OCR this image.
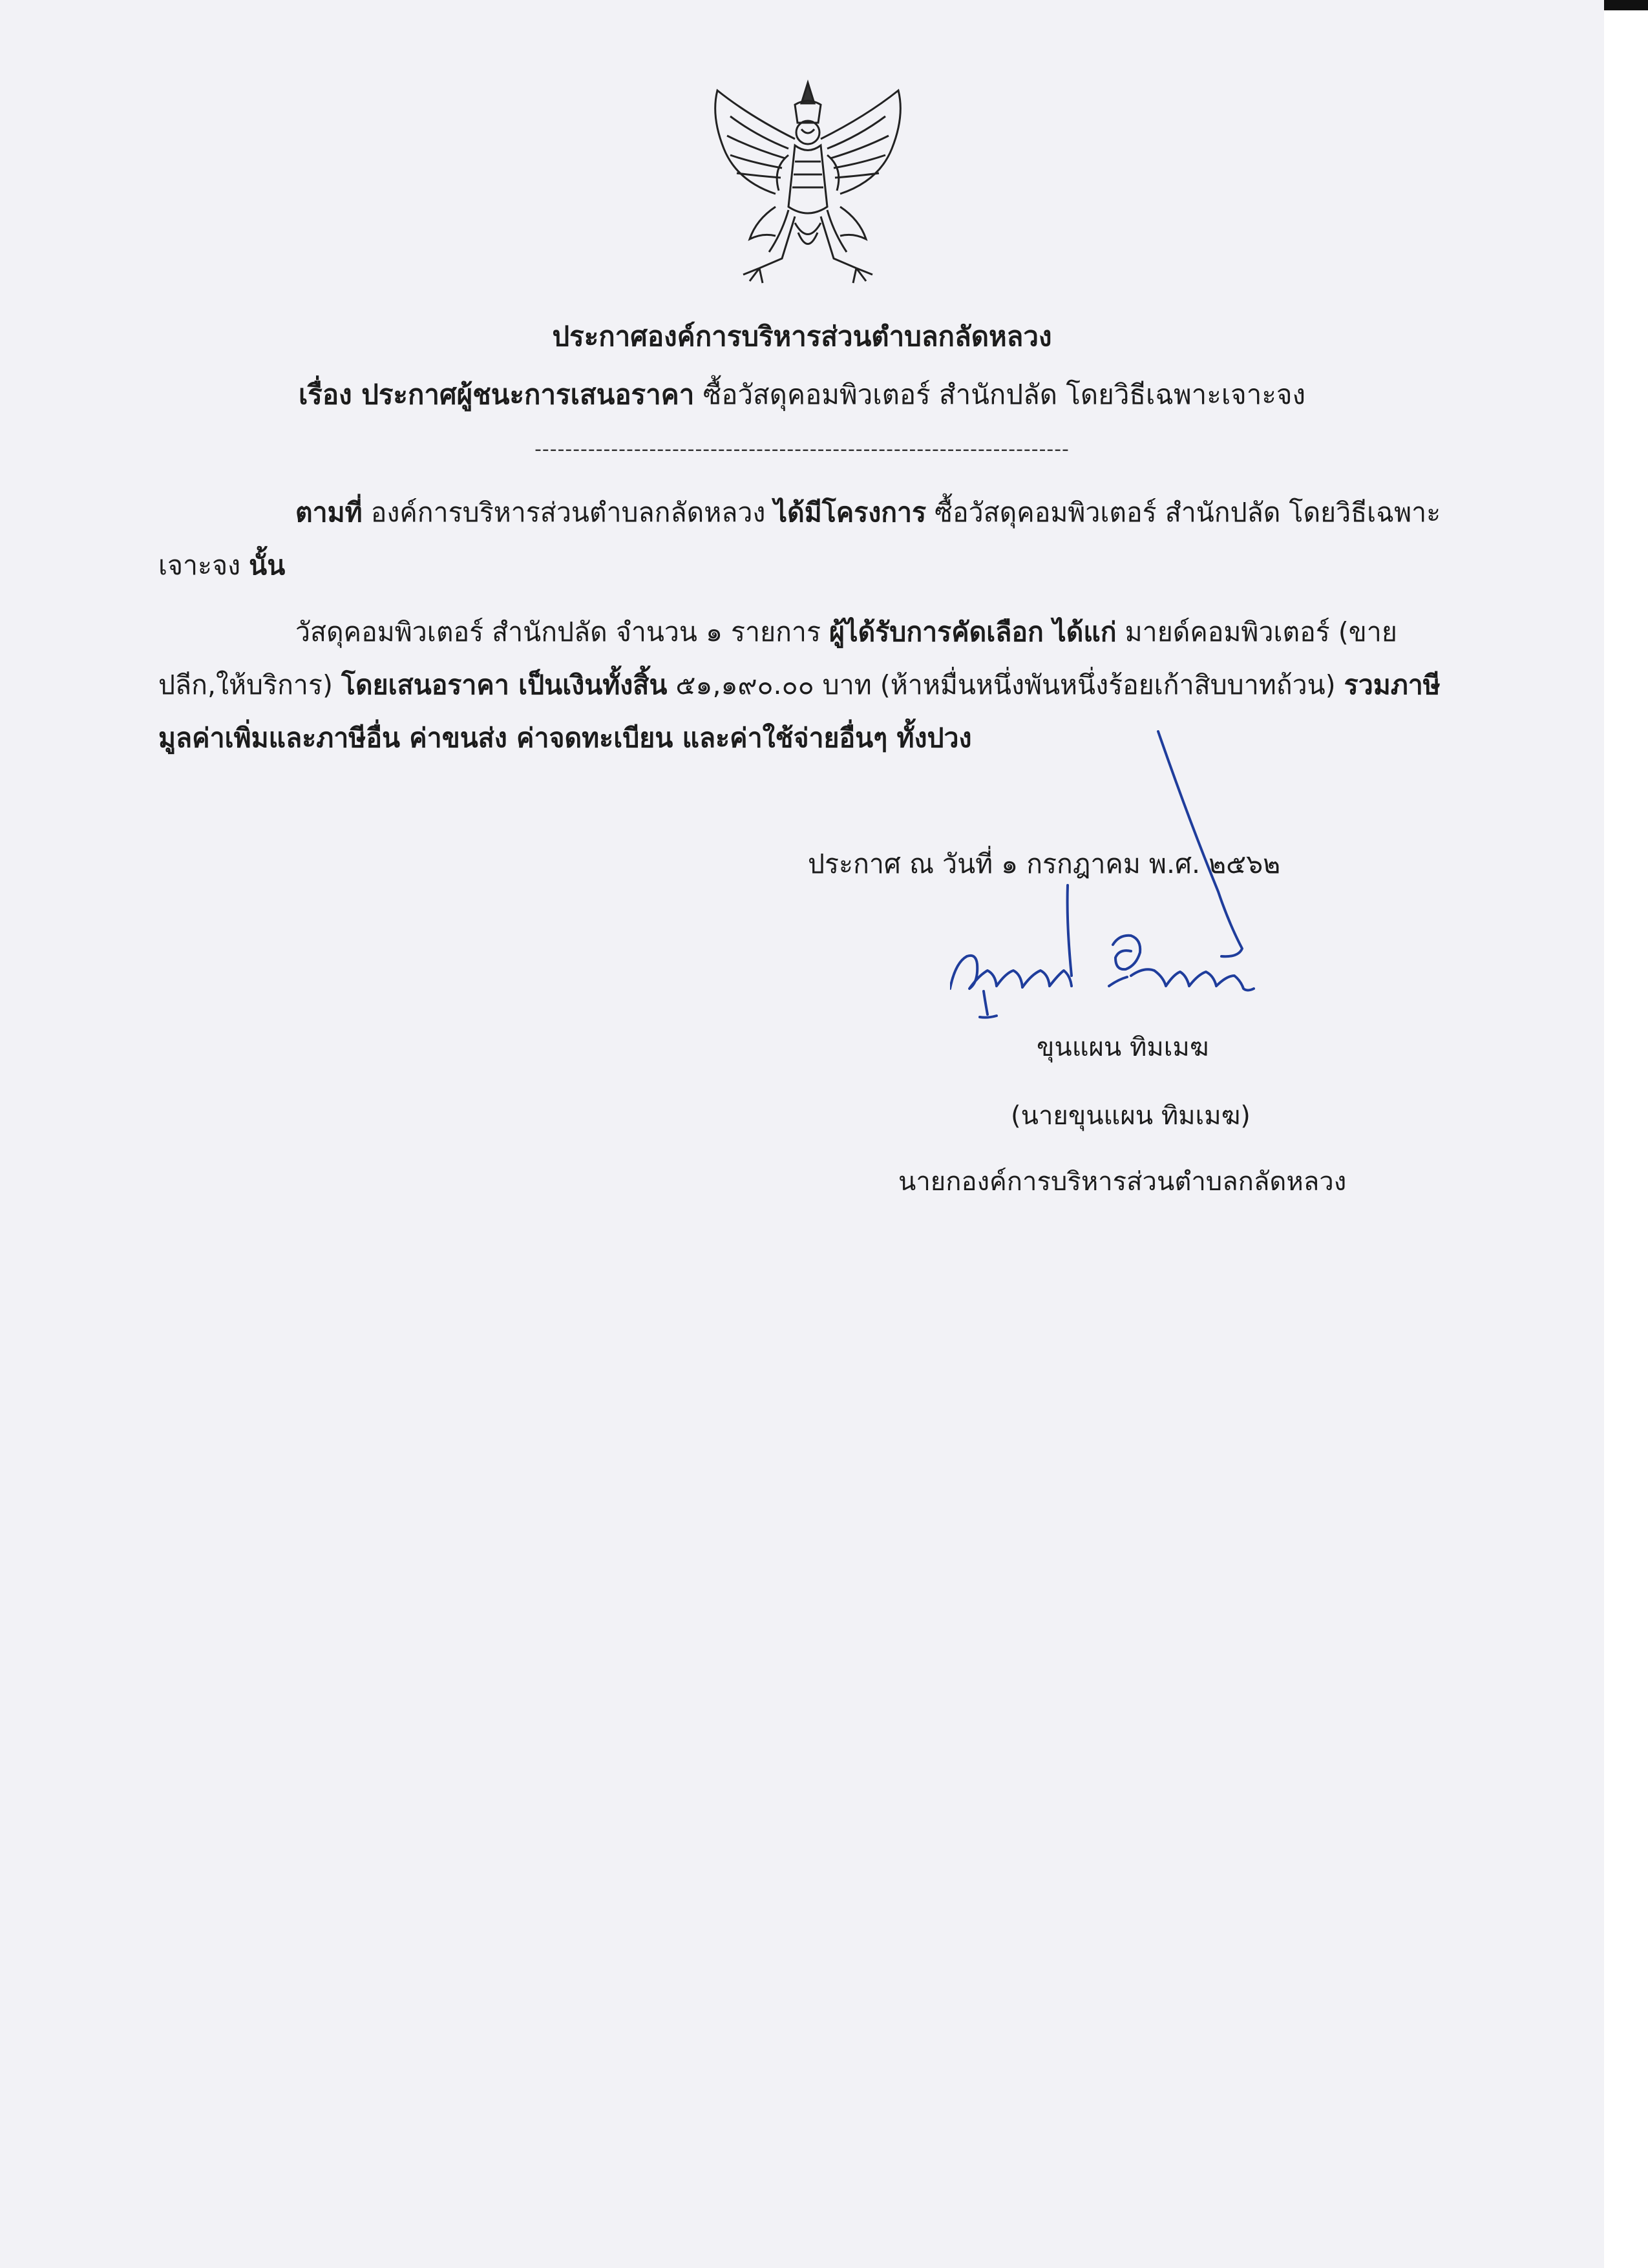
ประกาศองค์การบริหารส่วนตำบลกลัดหลวง
เรื่อง ประกาศผู้ชนะการเสนอราคา ซื้อวัสดุคอมพิวเตอร์ สำนักปลัด โดยวิธีเฉพาะเจาะจง
----------------------------------------------------------------------
ตามที่ องค์การบริหารส่วนตำบลกลัดหลวง ได้มีโครงการ ซื้อวัสดุคอมพิวเตอร์ สำนักปลัด โดยวิธีเฉพาะ
เจาะจง นั้น
วัสดุคอมพิวเตอร์ สำนักปลัด จำนวน ๑ รายการ ผู้ได้รับการคัดเลือก ได้แก่ มายด์คอมพิวเตอร์ (ขาย
ปลีก,ให้บริการ) โดยเสนอราคา เป็นเงินทั้งสิ้น ๕๑,๑๙๐.๐๐ บาท (ห้าหมื่นหนึ่งพันหนึ่งร้อยเก้าสิบบาทถ้วน) รวมภาษี
มูลค่าเพิ่มและภาษีอื่น ค่าขนส่ง ค่าจดทะเบียน และค่าใช้จ่ายอื่นๆ ทั้งปวง
ประกาศ ณ วันที่ ๑ กรกฎาคม พ.ศ. ๒๕๖๒
ขุนแผน ทิมเมฆ
(นายขุนแผน ทิมเมฆ)
นายกองค์การบริหารส่วนตำบลกลัดหลวง
